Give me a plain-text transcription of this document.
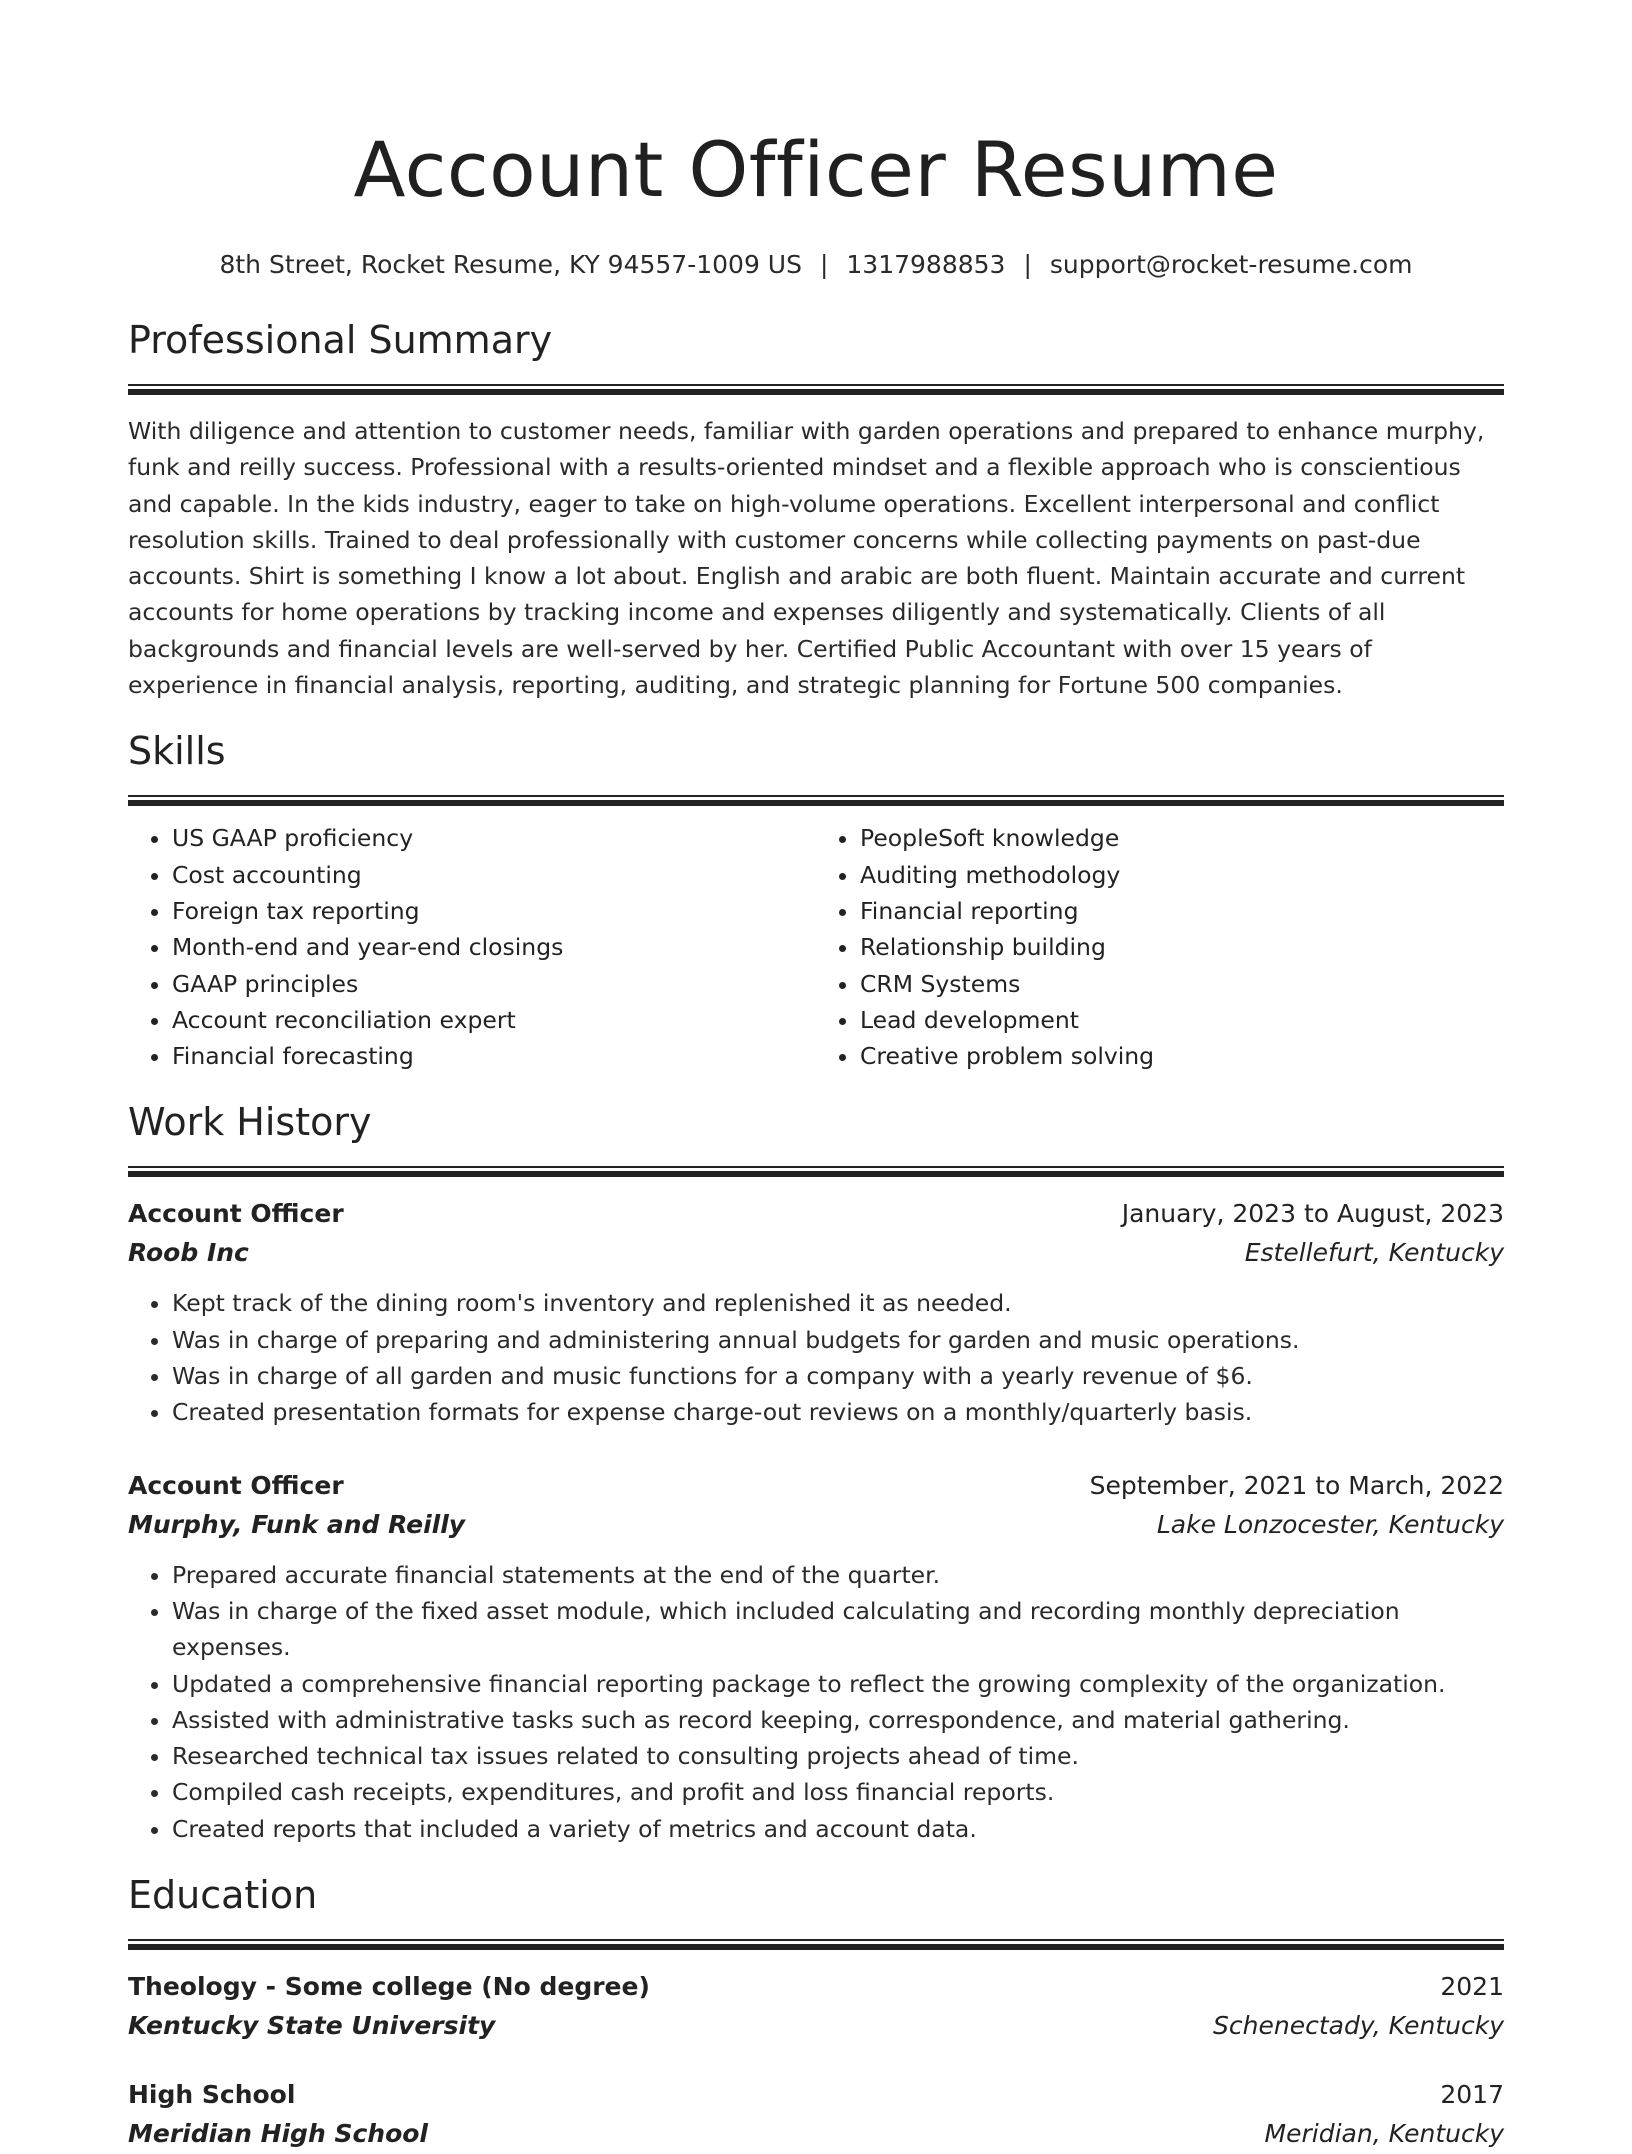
Account Officer Resume
8th Street, Rocket Resume, KY 94557-1009 US | 1317988853 | support@rocket-resume.com
Professional Summary

With diligence and attention to customer needs, familiar with garden operations and prepared to enhance murphy, funk and reilly success. Professional with a results-oriented mindset and a flexible approach who is conscientious and capable. In the kids industry, eager to take on high-volume operations. Excellent interpersonal and conflict resolution skills. Trained to deal professionally with customer concerns while collecting payments on past-due accounts. Shirt is something I know a lot about. English and arabic are both fluent. Maintain accurate and current accounts for home operations by tracking income and expenses diligently and systematically. Clients of all backgrounds and financial levels are well-served by her. Certified Public Accountant with over 15 years of experience in financial analysis, reporting, auditing, and strategic planning for Fortune 500 companies.

Skills
• US GAAP proficiency
• Cost accounting
• Foreign tax reporting
• Month-end and year-end closings
• GAAP principles
• Account reconciliation expert
• Financial forecasting
• PeopleSoft knowledge
• Auditing methodology
• Financial reporting
• Relationship building
• CRM Systems
• Lead development
• Creative problem solving
Work History
Account Officer	January, 2023 to August, 2023
Roob Inc	Estellefurt, Kentucky
• Kept track of the dining room's inventory and replenished it as needed.
• Was in charge of preparing and administering annual budgets for garden and music operations.
• Was in charge of all garden and music functions for a company with a yearly revenue of $6.
• Created presentation formats for expense charge-out reviews on a monthly/quarterly basis.
Account Officer	September, 2021 to March, 2022
Murphy, Funk and Reilly	Lake Lonzocester, Kentucky
• Prepared accurate financial statements at the end of the quarter.
• Was in charge of the fixed asset module, which included calculating and recording monthly depreciation expenses.
• Updated a comprehensive financial reporting package to reflect the growing complexity of the organization.
• Assisted with administrative tasks such as record keeping, correspondence, and material gathering.
• Researched technical tax issues related to consulting projects ahead of time.
• Compiled cash receipts, expenditures, and profit and loss financial reports.
• Created reports that included a variety of metrics and account data.
Education
Theology - Some college (No degree)	2021
Kentucky State University	Schenectady, Kentucky
High School	2017
Meridian High School	Meridian, Kentucky
